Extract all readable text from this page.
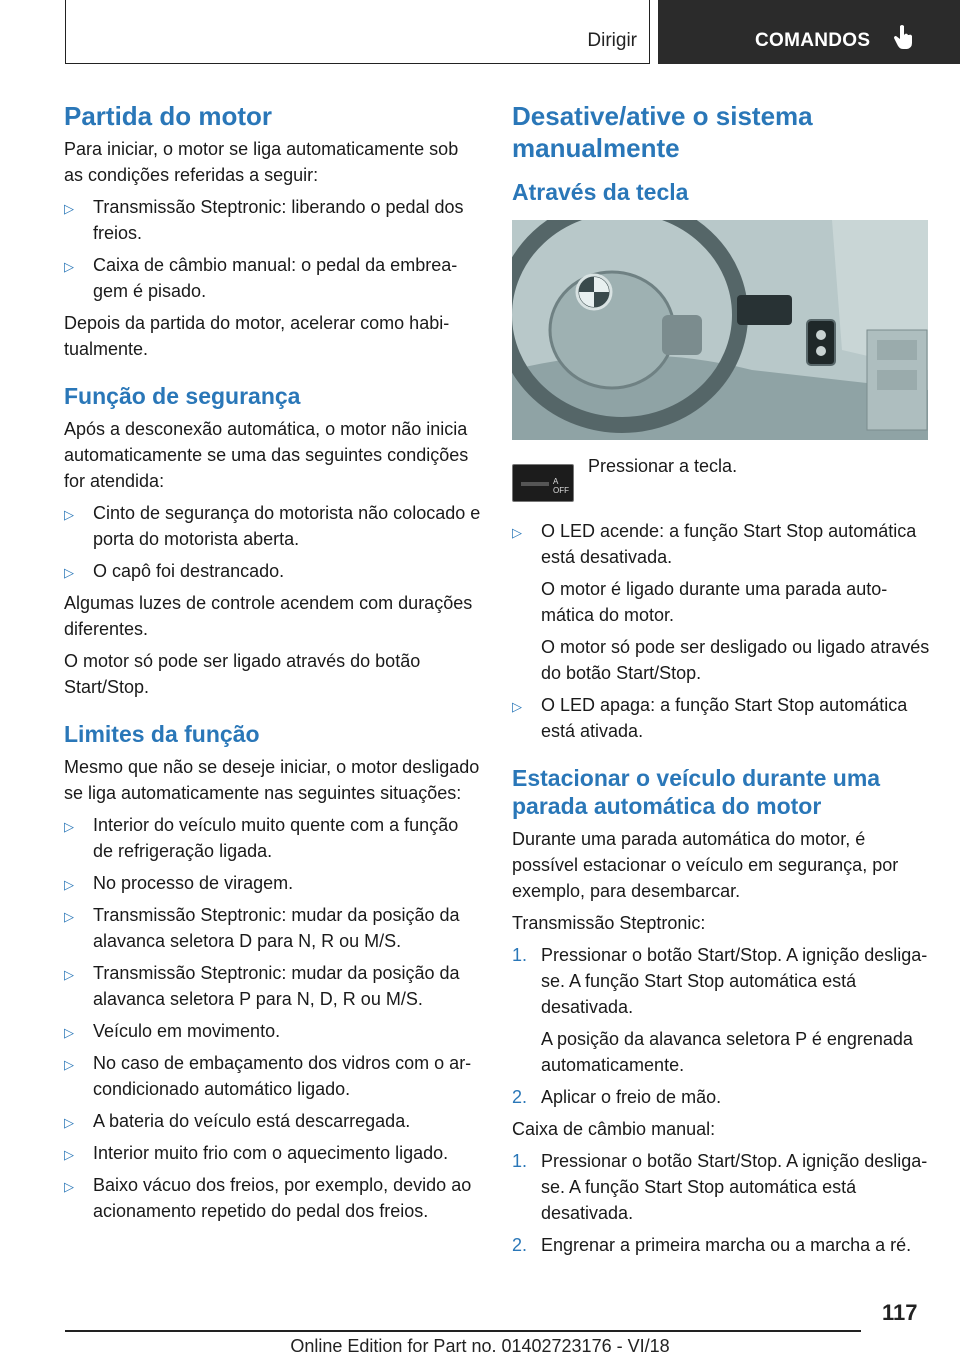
Dirigir	COMANDOS
Partida do motor

Para iniciar, o motor se liga automaticamente sob as condições referidas a seguir:

▷ Transmissão Steptronic: liberando o pedal dos freios.
▷ Caixa de câmbio manual: o pedal da embreagem é pisado.

Depois da partida do motor, acelerar como habitualmente.

Função de segurança

Após a desconexão automática, o motor não inicia automaticamente se uma das seguintes condições for atendida:

▷ Cinto de segurança do motorista não colocado e porta do motorista aberta.
▷ O capô foi destrancado.

Algumas luzes de controle acendem com durações diferentes.

O motor só pode ser ligado através do botão Start/Stop.

Limites da função

Mesmo que não se deseje iniciar, o motor desligado se liga automaticamente nas seguintes situações:

▷ Interior do veículo muito quente com a função de refrigeração ligada.
▷ No processo de viragem.
▷ Transmissão Steptronic: mudar da posição da alavanca seletora D para N, R ou M/S.
▷ Transmissão Steptronic: mudar da posição da alavanca seletora P para N, D, R ou M/S.
▷ Veículo em movimento.
▷ No caso de embaçamento dos vidros com o ar-condicionado automático ligado.
▷ A bateria do veículo está descarregada.
▷ Interior muito frio com o aquecimento ligado.
▷ Baixo vácuo dos freios, por exemplo, devido ao acionamento repetido do pedal dos freios.
Desative/ative o sistema manualmente
Através da tecla
A OFF
Pressionar a tecla.
▷ O LED acende: a função Start Stop automática está desativada.

O motor é ligado durante uma parada automática do motor.

O motor só pode ser desligado ou ligado através do botão Start/Stop.

▷ O LED apaga: a função Start Stop automática está ativada.
Estacionar o veículo durante uma parada automática do motor

Durante uma parada automática do motor, é possível estacionar o veículo em segurança, por exemplo, para desembarcar.

Transmissão Steptronic:

1. Pressionar o botão Start/Stop. A ignição desliga-se. A função Start Stop automática está desativada.

A posição da alavanca seletora P é engrenada automaticamente.

2. Aplicar o freio de mão.

Caixa de câmbio manual:

1. Pressionar o botão Start/Stop. A ignição desliga-se. A função Start Stop automática está desativada.
2. Engrenar a primeira marcha ou a marcha a ré.
117
Online Edition for Part no. 01402723176 - VI/18
